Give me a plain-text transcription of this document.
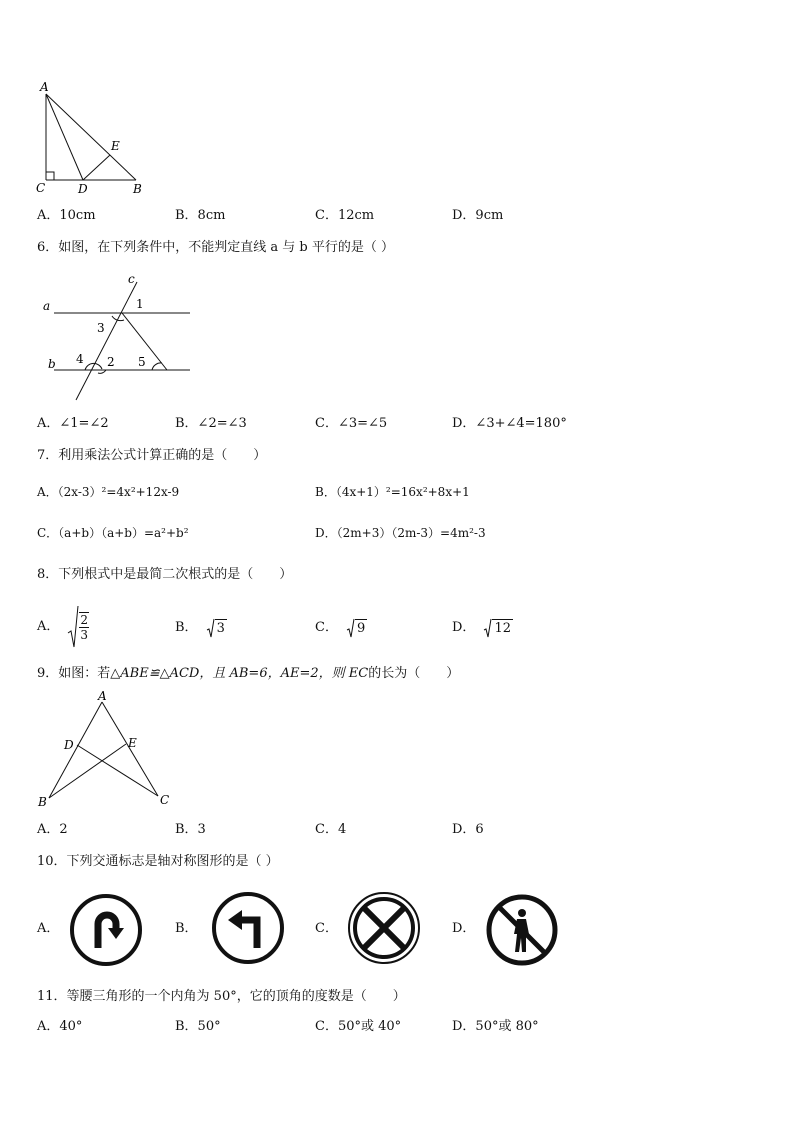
A
C	D	B
E
A．10cm	B．8cm	C．12cm	D．9cm
6．如图，在下列条件中，不能判定直线 a 与 b 平行的是（ ）
c
a
b
1
3
4 2 5
A．∠1=∠2	B．∠2=∠3	C．∠3=∠5	D．∠3+∠4=180°
7．利用乘法公式计算正确的是（　　）
A．（2x-3）²=4x²+12x-9	B．（4x+1）²=16x²+8x+1
C．（a+b）（a+b）=a²+b²	D．（2m+3）（2m-3）=4m²-3
8．下列根式中是最简二次根式的是（　　）
A． $\frac{2}{3}$	B． 3	C． 9	D． 12
9．如图：若△ABE≌△ACD，且 AB=6，AE=2，则 EC的长为（　　）
A
D	E
B	C
A．2	B．3	C．4	D．6
10．下列交通标志是轴对称图形的是（ ）
A．	B．	C．	D．
11．等腰三角形的一个内角为 50°，它的顶角的度数是（　　）
A．40°	B．50°	C．50°或 40°	D．50°或 80°
